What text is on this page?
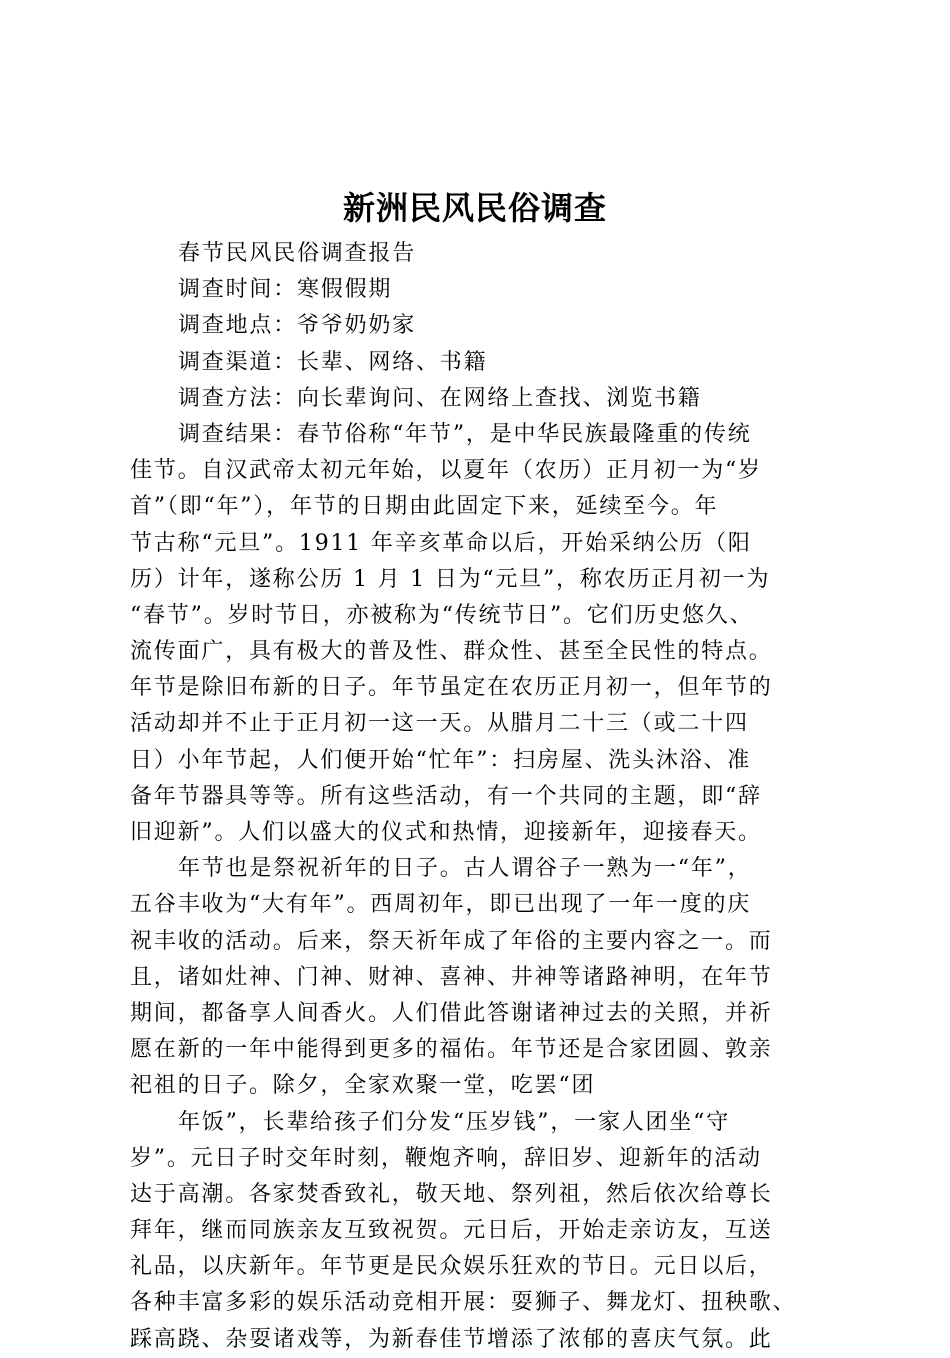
新洲民风民俗调查
春节民风民俗调查报告
调查时间：寒假假期
调查地点：爷爷奶奶家
调查渠道：长辈、网络、书籍
调查方法：向长辈询问、在网络上查找、浏览书籍
调查结果：春节俗称“年节”，是中华民族最隆重的传统
佳节。自汉武帝太初元年始，以夏年（农历）正月初一为“岁
首”（即“年”），年节的日期由此固定下来，延续至今。年
节古称“元旦”。1911 年辛亥革命以后，开始采纳公历（阳
历）计年，遂称公历 1 月 1 日为“元旦”，称农历正月初一为
“春节”。岁时节日，亦被称为“传统节日”。它们历史悠久、
流传面广，具有极大的普及性、群众性、甚至全民性的特点。
年节是除旧布新的日子。年节虽定在农历正月初一，但年节的
活动却并不止于正月初一这一天。从腊月二十三（或二十四
日）小年节起，人们便开始“忙年”：扫房屋、洗头沐浴、准
备年节器具等等。所有这些活动，有一个共同的主题，即“辞
旧迎新”。人们以盛大的仪式和热情，迎接新年，迎接春天。
年节也是祭祝祈年的日子。古人谓谷子一熟为一“年”，
五谷丰收为“大有年”。西周初年，即已出现了一年一度的庆
祝丰收的活动。后来，祭天祈年成了年俗的主要内容之一。而
且，诸如灶神、门神、财神、喜神、井神等诸路神明，在年节
期间，都备享人间香火。人们借此答谢诸神过去的关照，并祈
愿在新的一年中能得到更多的福佑。年节还是合家团圆、敦亲
祀祖的日子。除夕，全家欢聚一堂，吃罢“团
年饭”，长辈给孩子们分发“压岁钱”，一家人团坐“守
岁”。元日子时交年时刻，鞭炮齐响，辞旧岁、迎新年的活动
达于高潮。各家焚香致礼，敬天地、祭列祖，然后依次给尊长
拜年，继而同族亲友互致祝贺。元日后，开始走亲访友，互送
礼品，以庆新年。年节更是民众娱乐狂欢的节日。元日以后，
各种丰富多彩的娱乐活动竞相开展：耍狮子、舞龙灯、扭秧歌、
踩高跷、杂耍诸戏等，为新春佳节增添了浓郁的喜庆气氛。此
